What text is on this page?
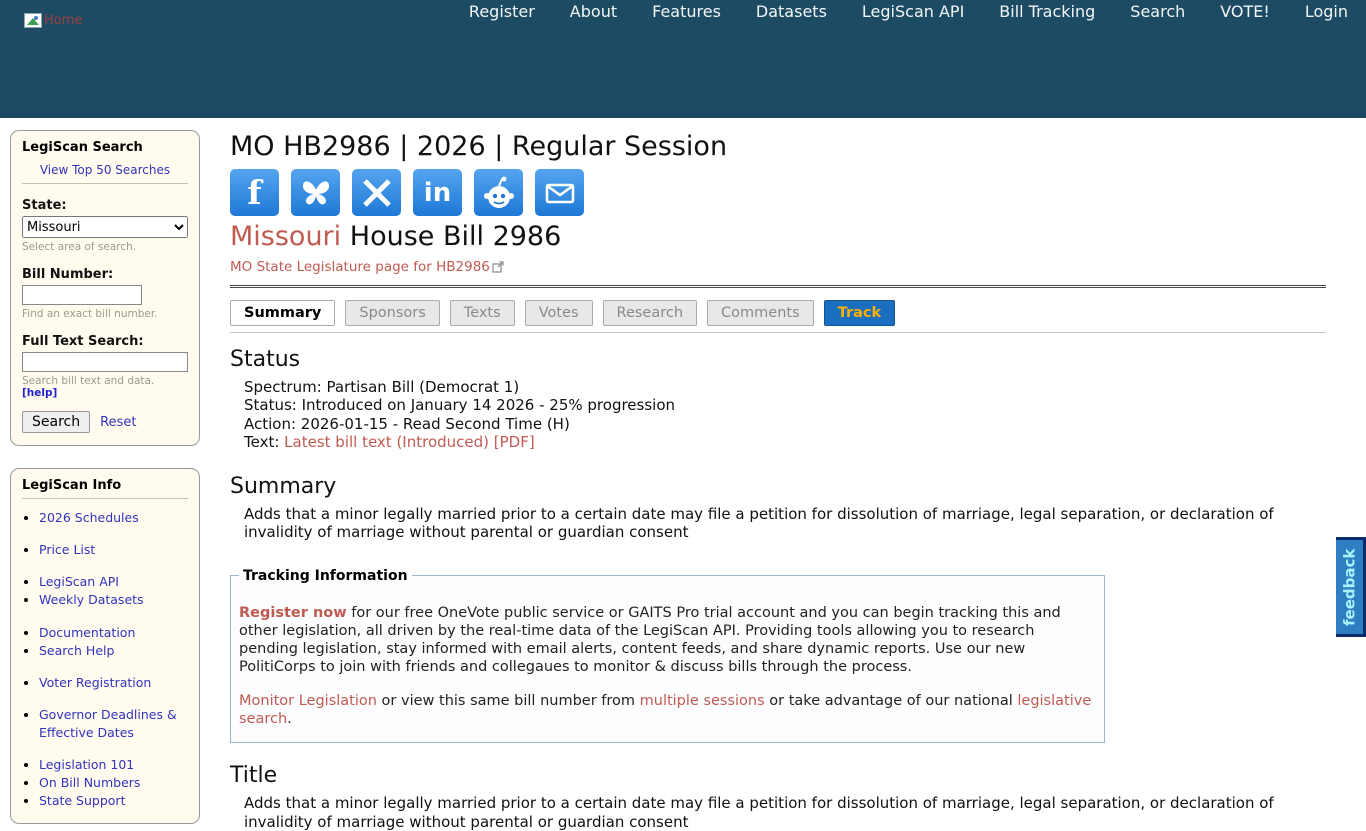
Home	Register About Features Datasets LegiScan API Bill Tracking Search VOTE! Login
LegiScan Search
View Top 50 Searches
State:
Missouri
Select area of search.
Bill Number:
Find an exact bill number.
Full Text Search:
Search bill text and data. [help]
Search	Reset
LegiScan Info
• 2026 Schedules
• Price List
• LegiScan API
• Weekly Datasets
• Documentation
• Search Help
• Voter Registration
• Governor Deadlines & Effective Dates
• Legislation 101
• On Bill Numbers
• State Support
MO HB2986 | 2026 | Regular Session
f	in
Missouri House Bill 2986
MO State Legislature page for HB2986
Summary	Sponsors	Texts	Votes	Research	Comments	Track
Status
Spectrum: Partisan Bill (Democrat 1)
Status: Introduced on January 14 2026 - 25% progression
Action: 2026-01-15 - Read Second Time (H)
Text: Latest bill text (Introduced) [PDF]
Summary

Adds that a minor legally married prior to a certain date may file a petition for dissolution of marriage, legal separation, or declaration of invalidity of marriage without parental or guardian consent

Tracking Information

Register now for our free OneVote public service or GAITS Pro trial account and you can begin tracking this and other legislation, all driven by the real-time data of the LegiScan API. Providing tools allowing you to research pending legislation, stay informed with email alerts, content feeds, and share dynamic reports. Use our new PolitiCorps to join with friends and collegaues to monitor & discuss bills through the process.

Monitor Legislation or view this same bill number from multiple sessions or take advantage of our national legislative search.

Title

Adds that a minor legally married prior to a certain date may file a petition for dissolution of marriage, legal separation, or declaration of invalidity of marriage without parental or guardian consent

feedback
